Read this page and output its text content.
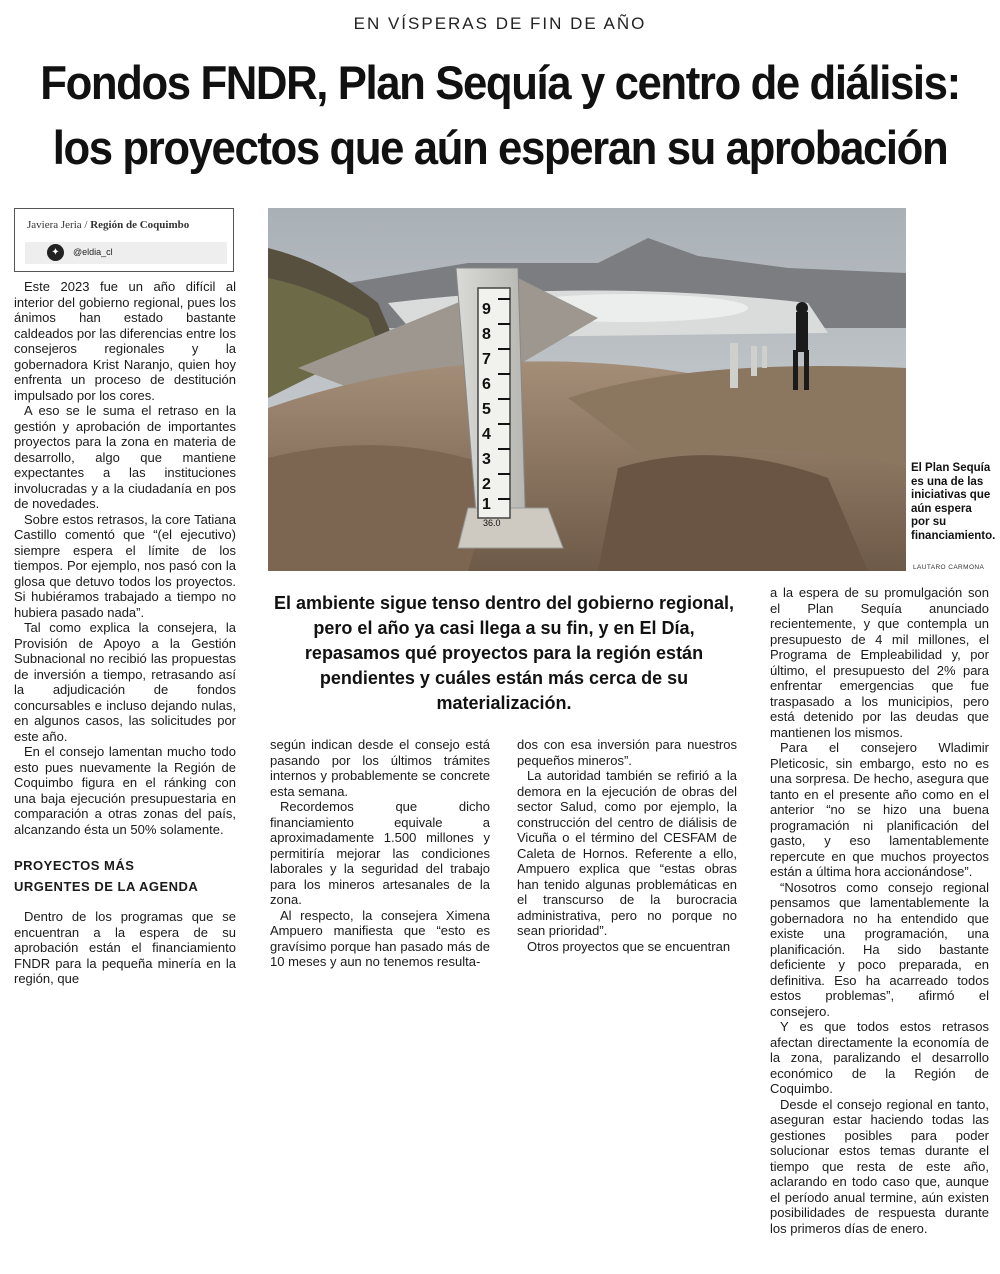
EN VÍSPERAS DE FIN DE AÑO
Fondos FNDR, Plan Sequía y centro de diálisis:
los proyectos que aún esperan su aprobación
Javiera Jeria / Región de Coquimbo
✦	@eldia_cl
9
8
7
6
5
4
3
2
1
36.0
El Plan Sequía es una de las iniciativas que aún espera por su financiamiento.
LAUTARO CARMONA
El ambiente sigue tenso dentro del gobierno regional, pero el año ya casi llega a su fin, y en El Día, repasamos qué proyectos para la región están pendientes y cuáles están más cerca de su materialización.

Este 2023 fue un año difícil al interior del gobierno regional, pues los ánimos han estado bastante caldeados por las diferencias entre los consejeros regionales y la gobernadora Krist Naranjo, quien hoy enfrenta un proceso de destitución impulsado por los cores.

A eso se le suma el retraso en la gestión y aprobación de importantes proyectos para la zona en materia de desarrollo, algo que mantiene expectantes a las instituciones involucradas y a la ciudadanía en pos de novedades.

Sobre estos retrasos, la core Tatiana Castillo comentó que “(el ejecutivo) siempre espera el límite de los tiempos. Por ejemplo, nos pasó con la glosa que detuvo todos los proyectos. Si hubiéramos trabajado a tiempo no hubiera pasado nada”.

Tal como explica la consejera, la Provisión de Apoyo a la Gestión Subnacional no recibió las propuestas de inversión a tiempo, retrasando así la adjudicación de fondos concursables e incluso dejando nulas, en algunos casos, las solicitudes por este año.

En el consejo lamentan mucho todo esto pues nuevamente la Región de Coquimbo figura en el ránking con una baja ejecución presupuestaria en comparación a otras zonas del país, alcanzando ésta un 50% solamente.

PROYECTOS MÁS
URGENTES DE LA AGENDA

Dentro de los programas que se encuentran a la espera de su aprobación están el financiamiento FNDR para la pequeña minería en la región, que

según indican desde el consejo está pasando por los últimos trámites internos y probablemente se concrete esta semana.

Recordemos que dicho financiamiento equivale a aproximadamente 1.500 millones y permitiría mejorar las condiciones laborales y la seguridad del trabajo para los mineros artesanales de la zona.

Al respecto, la consejera Ximena Ampuero manifiesta que “esto es gravísimo porque han pasado más de 10 meses y aun no tenemos resulta-

dos con esa inversión para nuestros pequeños mineros”.

La autoridad también se refirió a la demora en la ejecución de obras del sector Salud, como por ejemplo, la construcción del centro de diálisis de Vicuña o el término del CESFAM de Caleta de Hornos. Referente a ello, Ampuero explica que “estas obras han tenido algunas problemáticas en el transcurso de la burocracia administrativa, pero no porque no sean prioridad”.

Otros proyectos que se encuentran

a la espera de su promulgación son el Plan Sequía anunciado recientemente, y que contempla un presupuesto de 4 mil millones, el Programa de Empleabilidad y, por último, el presupuesto del 2% para enfrentar emergencias que fue traspasado a los municipios, pero está detenido por las deudas que mantienen los mismos.

Para el consejero Wladimir Pleticosic, sin embargo, esto no es una sorpresa. De hecho, asegura que tanto en el presente año como en el anterior “no se hizo una buena programación ni planificación del gasto, y eso lamentablemente repercute en que muchos proyectos están a última hora accionándose”.

“Nosotros como consejo regional pensamos que lamentablemente la gobernadora no ha entendido que existe una programación, una planificación. Ha sido bastante deficiente y poco preparada, en definitiva. Eso ha acarreado todos estos problemas”, afirmó el consejero.

Y es que todos estos retrasos afectan directamente la economía de la zona, paralizando el desarrollo económico de la Región de Coquimbo.

Desde el consejo regional en tanto, aseguran estar haciendo todas las gestiones posibles para poder solucionar estos temas durante el tiempo que resta de este año, aclarando en todo caso que, aunque el período anual termine, aún existen posibilidades de respuesta durante los primeros días de enero.
